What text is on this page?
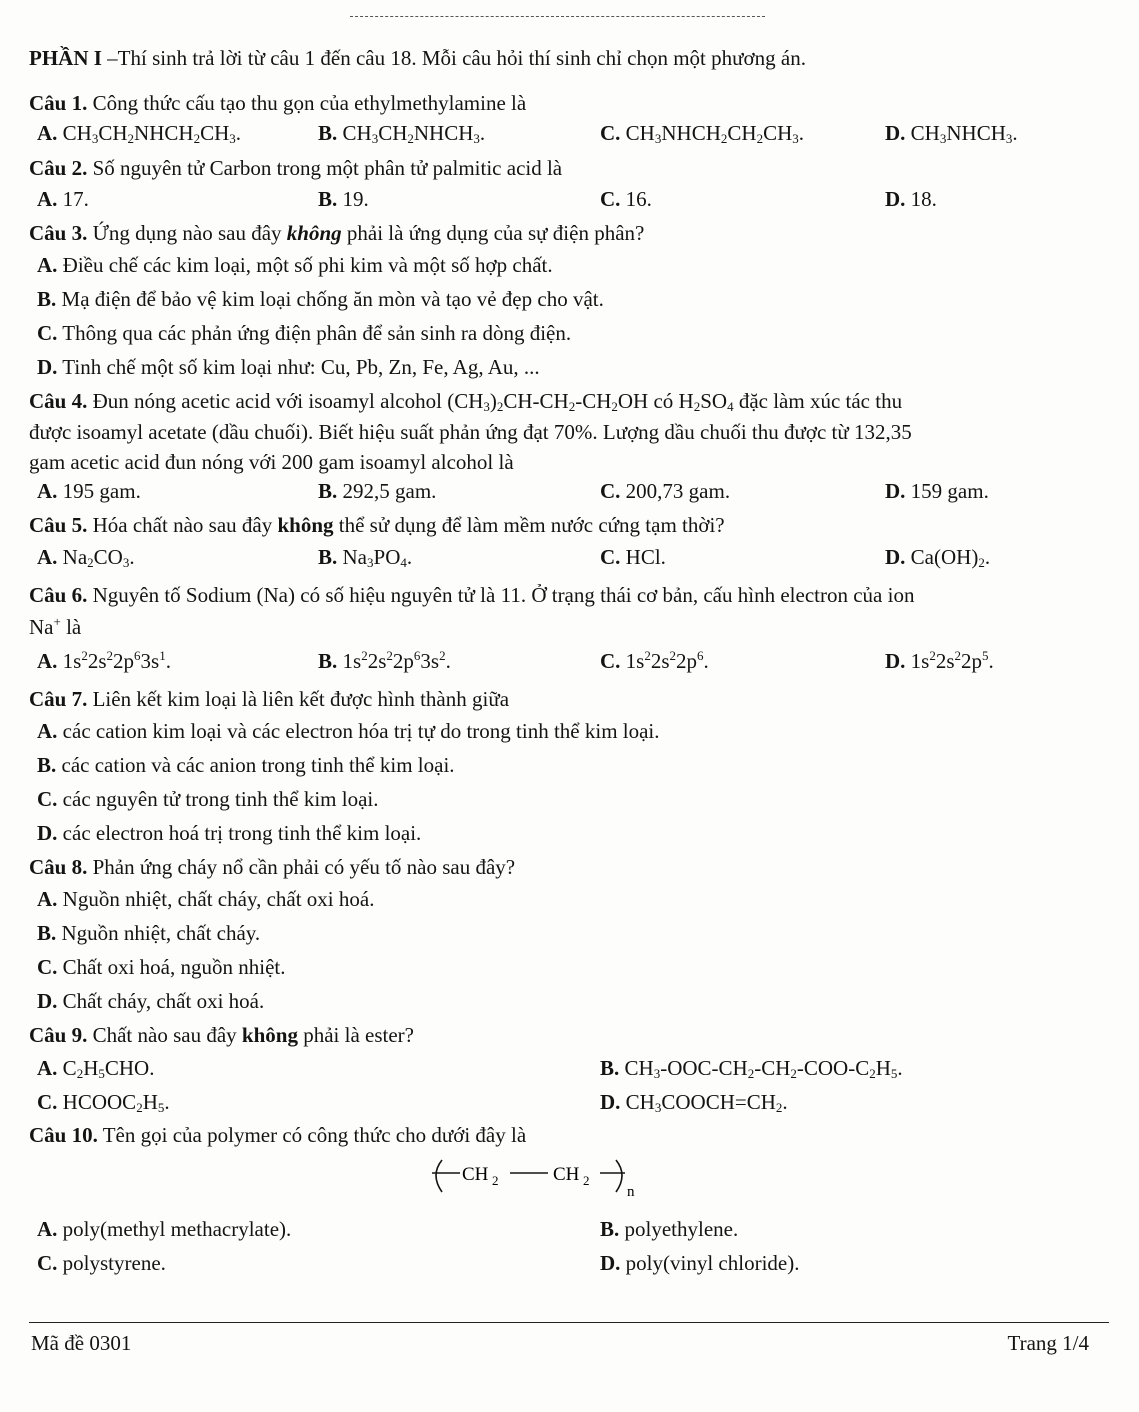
PHẦN I –Thí sinh trả lời từ câu 1 đến câu 18. Mỗi câu hỏi thí sinh chỉ chọn một phương án.
Câu 1. Công thức cấu tạo thu gọn của ethylmethylamine là
A. $CH_3CH_2NHCH_2CH_3$.	B. $CH_3CH_2NHCH_3$.	C. $CH_3NHCH_2CH_2CH_3$.	D. $CH_3NHCH_3$.
Câu 2. Số nguyên tử Carbon trong một phân tử palmitic acid là
A. 17.	B. 19.	C. 16.	D. 18.
Câu 3. Ứng dụng nào sau đây không phải là ứng dụng của sự điện phân?
A. Điều chế các kim loại, một số phi kim và một số hợp chất.
B. Mạ điện để bảo vệ kim loại chống ăn mòn và tạo vẻ đẹp cho vật.
C. Thông qua các phản ứng điện phân để sản sinh ra dòng điện.
D. Tinh chế một số kim loại như: Cu, Pb, Zn, Fe, Ag, Au, ...
Câu 4. Đun nóng acetic acid với isoamyl alcohol $(CH_3)_2CH-CH_2-CH_2OH$ có $H_2SO_4$ đặc làm xúc tác thu
được isoamyl acetate (dầu chuối). Biết hiệu suất phản ứng đạt 70%. Lượng dầu chuối thu được từ 132,35
gam acetic acid đun nóng với 200 gam isoamyl alcohol là
A. 195 gam.	B. 292,5 gam.	C. 200,73 gam.	D. 159 gam.
Câu 5. Hóa chất nào sau đây không thể sử dụng để làm mềm nước cứng tạm thời?
A. $Na_2CO_3$.	B. $Na_3PO_4$.	C. HCl.	D. $Ca(OH)_2$.
Câu 6. Nguyên tố Sodium (Na) có số hiệu nguyên tử là 11. Ở trạng thái cơ bản, cấu hình electron của ion
Na+ là
A. $1s^22s^22p^63s^1$.	B. $1s^22s^22p^63s^2$.	C. $1s^22s^22p^6$.	D. $1s^22s^22p^5$.
Câu 7. Liên kết kim loại là liên kết được hình thành giữa
A. các cation kim loại và các electron hóa trị tự do trong tinh thể kim loại.
B. các cation và các anion trong tinh thể kim loại.
C. các nguyên tử trong tinh thể kim loại.
D. các electron hoá trị trong tinh thể kim loại.
Câu 8. Phản ứng cháy nổ cần phải có yếu tố nào sau đây?
A. Nguồn nhiệt, chất cháy, chất oxi hoá.
B. Nguồn nhiệt, chất cháy.
C. Chất oxi hoá, nguồn nhiệt.
D. Chất cháy, chất oxi hoá.
Câu 9. Chất nào sau đây không phải là ester?
A. $C_2H_5CHO$.	B. $CH_3-OOC-CH_2-CH_2-COO-C_2H_5$.
C. $HCOOC_2H_5$.	D. $CH_3COOCH=CH_2$.
Câu 10. Tên gọi của polymer có công thức cho dưới đây là
CH 2	CH 2
n
A. poly(methyl methacrylate).	B. polyethylene.
C. polystyrene.	D. poly(vinyl chloride).
Mã đề 0301	Trang 1/4
